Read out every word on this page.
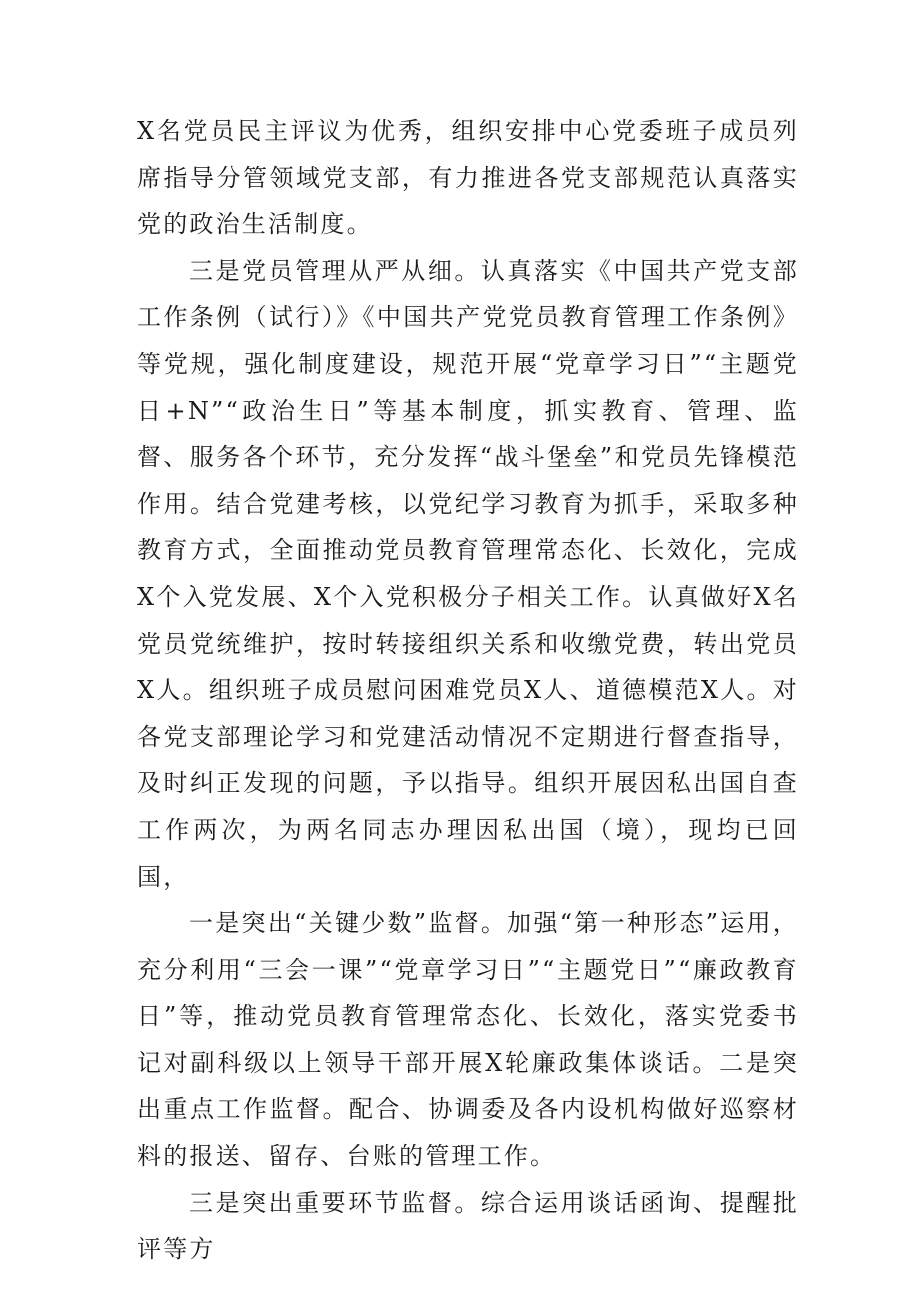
X名党员民主评议为优秀，组织安排中心党委班子成员列席指导分管领域党支部，有力推进各党支部规范认真落实党的政治生活制度。

三是党员管理从严从细。认真落实《中国共产党支部工作条例（试行）》《中国共产党党员教育管理工作条例》等党规，强化制度建设，规范开展“党章学习日”“主题党日+N”“政治生日”等基本制度，抓实教育、管理、监督、服务各个环节，充分发挥“战斗堡垒”和党员先锋模范作用。结合党建考核，以党纪学习教育为抓手，采取多种教育方式，全面推动党员教育管理常态化、长效化，完成X个入党发展、X个入党积极分子相关工作。认真做好X名党员党统维护，按时转接组织关系和收缴党费，转出党员X人。组织班子成员慰问困难党员X人、道德模范X人。对各党支部理论学习和党建活动情况不定期进行督查指导，及时纠正发现的问题，予以指导。组织开展因私出国自查工作两次，为两名同志办理因私出国（境），现均已回国，

一是突出“关键少数”监督。加强“第一种形态”运用，充分利用“三会一课”“党章学习日”“主题党日”“廉政教育日”等，推动党员教育管理常态化、长效化，落实党委书记对副科级以上领导干部开展X轮廉政集体谈话。二是突出重点工作监督。配合、协调委及各内设机构做好巡察材料的报送、留存、台账的管理工作。

三是突出重要环节监督。综合运用谈话函询、提醒批评等方
